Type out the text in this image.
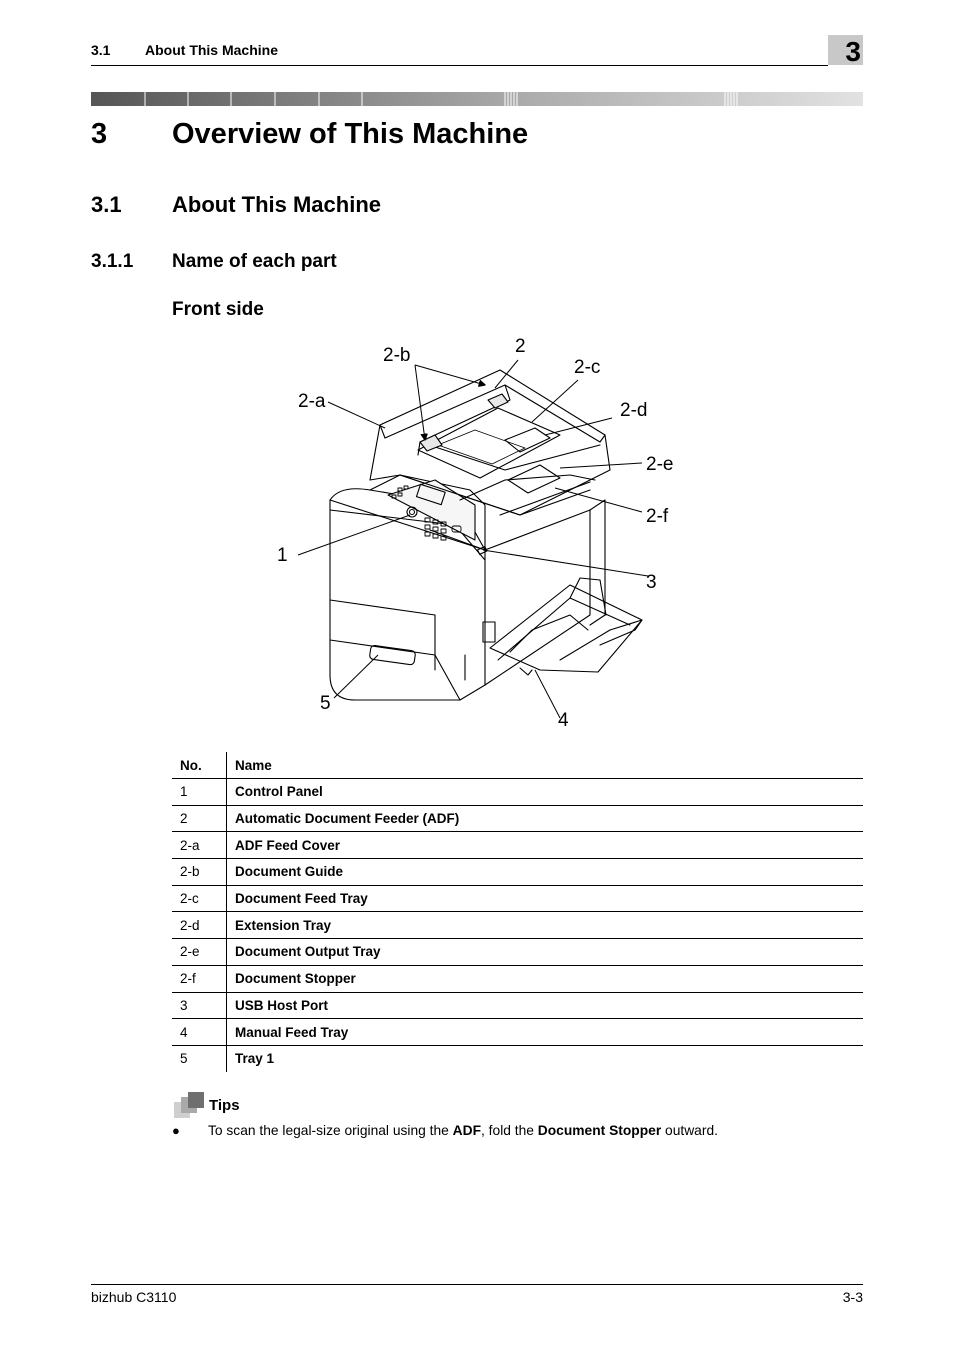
3.1 About This Machine	3
3 Overview of This Machine
3.1 About This Machine
3.1.1 Name of each part
Front side
2
2-b
2-c
2-a	2-d
2-e
2-f
1
3
5
4
No.	Name
1	Control Panel
2	Automatic Document Feeder (ADF)
2-a	ADF Feed Cover
2-b	Document Guide
2-c	Document Feed Tray
2-d	Extension Tray
2-e	Document Output Tray
2-f	Document Stopper
3	USB Host Port
4	Manual Feed Tray
5	Tray 1
Tips
● To scan the legal-size original using the ADF, fold the Document Stopper outward.
bizhub C3110	3-3
